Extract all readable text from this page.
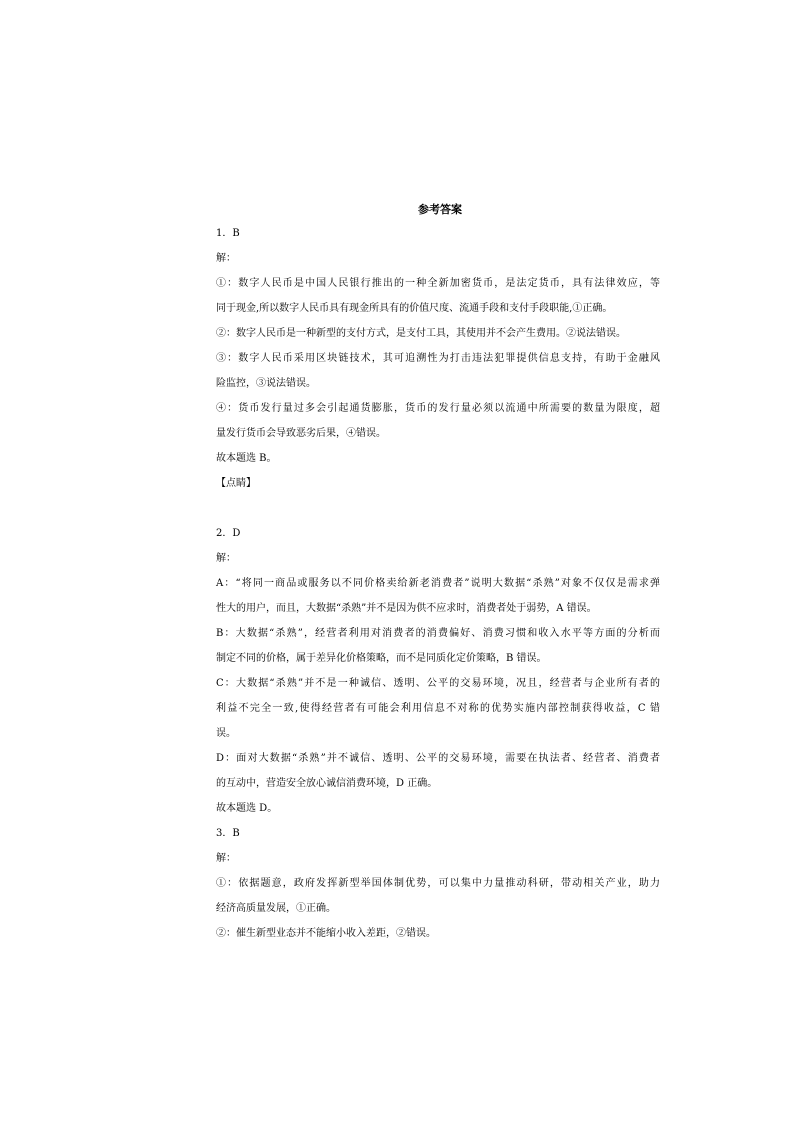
参考答案
1．B
解：
①：数字人民币是中国人民银行推出的一种全新加密货币，是法定货币，具有法律效应，等
同于现金,所以数字人民币具有现金所具有的价值尺度、流通手段和支付手段职能,①正确。
②：数字人民币是一种新型的支付方式，是支付工具，其使用并不会产生费用。②说法错误。
③：数字人民币采用区块链技术，其可追溯性为打击违法犯罪提供信息支持，有助于金融风
险监控，③说法错误。
④：货币发行量过多会引起通货膨胀，货币的发行量必须以流通中所需要的数量为限度，超
量发行货币会导致恶劣后果，④错误。
故本题选 B。
【点睛】
2．D
解：
A：“将同一商品或服务以不同价格卖给新老消费者”说明大数据“杀熟”对象不仅仅是需求弹
性大的用户，而且，大数据“杀熟”并不是因为供不应求时，消费者处于弱势，A 错误。
B：大数据“杀熟”，经营者利用对消费者的消费偏好、消费习惯和收入水平等方面的分析而
制定不同的价格，属于差异化价格策略，而不是同质化定价策略，B 错误。
C：大数据“杀熟”并不是一种诚信、透明、公平的交易环境，况且，经营者与企业所有者的
利益不完全一致,使得经营者有可能会利用信息不对称的优势实施内部控制获得收益，C 错
误。
D：面对大数据“杀熟”并不诚信、透明、公平的交易环境，需要在执法者、经营者、消费者
的互动中，营造安全放心诚信消费环境，D 正确。
故本题选 D。
3．B
解：
①：依据题意，政府发挥新型举国体制优势，可以集中力量推动科研，带动相关产业，助力
经济高质量发展，①正确。
②：催生新型业态并不能缩小收入差距，②错误。
